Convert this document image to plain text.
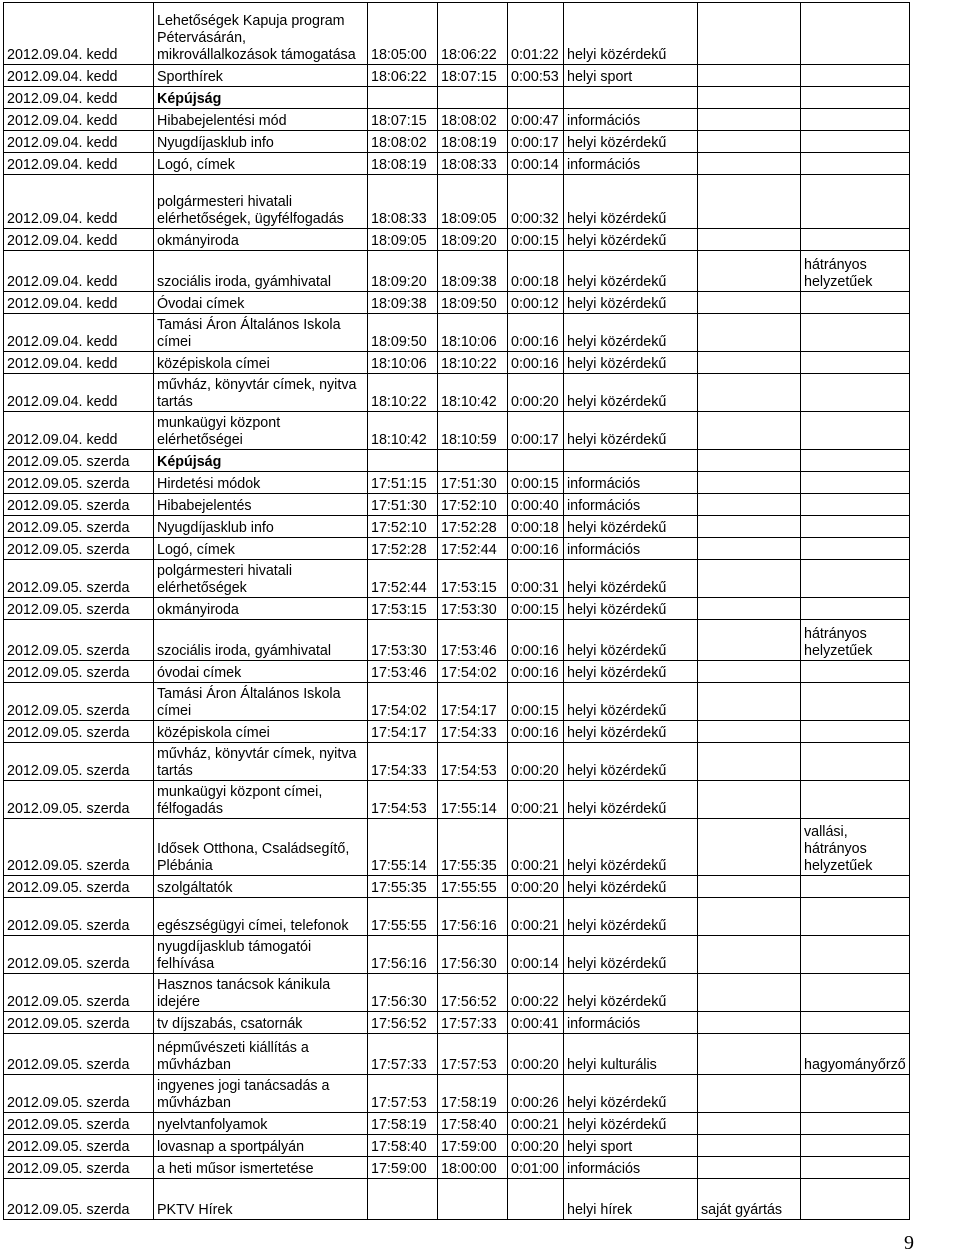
2012.09.04. kedd	Lehetőségek Kapuja program Pétervásárán, mikrovállalkozások támogatása	18:05:00	18:06:22	0:01:22	helyi közérdekű		
2012.09.04. kedd	Sporthírek	18:06:22	18:07:15	0:00:53	helyi sport		
2012.09.04. kedd	Képújság						
2012.09.04. kedd	Hibabejelentési mód	18:07:15	18:08:02	0:00:47	információs		
2012.09.04. kedd	Nyugdíjasklub info	18:08:02	18:08:19	0:00:17	helyi közérdekű		
2012.09.04. kedd	Logó, címek	18:08:19	18:08:33	0:00:14	információs		
2012.09.04. kedd	polgármesteri hivatali elérhetőségek, ügyfélfogadás	18:08:33	18:09:05	0:00:32	helyi közérdekű		
2012.09.04. kedd	okmányiroda	18:09:05	18:09:20	0:00:15	helyi közérdekű		
2012.09.04. kedd	szociális iroda, gyámhivatal	18:09:20	18:09:38	0:00:18	helyi közérdekű		hátrányos helyzetűek
2012.09.04. kedd	Óvodai címek	18:09:38	18:09:50	0:00:12	helyi közérdekű		
2012.09.04. kedd	Tamási Áron Általános Iskola címei	18:09:50	18:10:06	0:00:16	helyi közérdekű		
2012.09.04. kedd	középiskola címei	18:10:06	18:10:22	0:00:16	helyi közérdekű		
2012.09.04. kedd	művház, könyvtár címek, nyitva tartás	18:10:22	18:10:42	0:00:20	helyi közérdekű		
2012.09.04. kedd	munkaügyi központ elérhetőségei	18:10:42	18:10:59	0:00:17	helyi közérdekű		
2012.09.05. szerda	Képújság						
2012.09.05. szerda	Hirdetési módok	17:51:15	17:51:30	0:00:15	információs		
2012.09.05. szerda	Hibabejelentés	17:51:30	17:52:10	0:00:40	információs		
2012.09.05. szerda	Nyugdíjasklub info	17:52:10	17:52:28	0:00:18	helyi közérdekű		
2012.09.05. szerda	Logó, címek	17:52:28	17:52:44	0:00:16	információs		
2012.09.05. szerda	polgármesteri hivatali elérhetőségek	17:52:44	17:53:15	0:00:31	helyi közérdekű		
2012.09.05. szerda	okmányiroda	17:53:15	17:53:30	0:00:15	helyi közérdekű		
2012.09.05. szerda	szociális iroda, gyámhivatal	17:53:30	17:53:46	0:00:16	helyi közérdekű		hátrányos helyzetűek
2012.09.05. szerda	óvodai címek	17:53:46	17:54:02	0:00:16	helyi közérdekű		
2012.09.05. szerda	Tamási Áron Általános Iskola címei	17:54:02	17:54:17	0:00:15	helyi közérdekű		
2012.09.05. szerda	középiskola címei	17:54:17	17:54:33	0:00:16	helyi közérdekű		
2012.09.05. szerda	művház, könyvtár címek, nyitva tartás	17:54:33	17:54:53	0:00:20	helyi közérdekű		
2012.09.05. szerda	munkaügyi központ címei, félfogadás	17:54:53	17:55:14	0:00:21	helyi közérdekű		
2012.09.05. szerda	Idősek Otthona, Családsegítő, Plébánia	17:55:14	17:55:35	0:00:21	helyi közérdekű		vallási, hátrányos helyzetűek
2012.09.05. szerda	szolgáltatók	17:55:35	17:55:55	0:00:20	helyi közérdekű		
2012.09.05. szerda	egészségügyi címei, telefonok	17:55:55	17:56:16	0:00:21	helyi közérdekű		
2012.09.05. szerda	nyugdíjasklub támogatói felhívása	17:56:16	17:56:30	0:00:14	helyi közérdekű		
2012.09.05. szerda	Hasznos tanácsok kánikula idejére	17:56:30	17:56:52	0:00:22	helyi közérdekű		
2012.09.05. szerda	tv díjszabás, csatornák	17:56:52	17:57:33	0:00:41	információs		
2012.09.05. szerda	népművészeti kiállítás a művházban	17:57:33	17:57:53	0:00:20	helyi kulturális		hagyományőrző
2012.09.05. szerda	ingyenes jogi tanácsadás a művházban	17:57:53	17:58:19	0:00:26	helyi közérdekű		
2012.09.05. szerda	nyelvtanfolyamok	17:58:19	17:58:40	0:00:21	helyi közérdekű		
2012.09.05. szerda	lovasnap a sportpályán	17:58:40	17:59:00	0:00:20	helyi sport		
2012.09.05. szerda	a heti műsor ismertetése	17:59:00	18:00:00	0:01:00	információs		
2012.09.05. szerda	PKTV Hírek				helyi hírek	saját gyártás	
9
